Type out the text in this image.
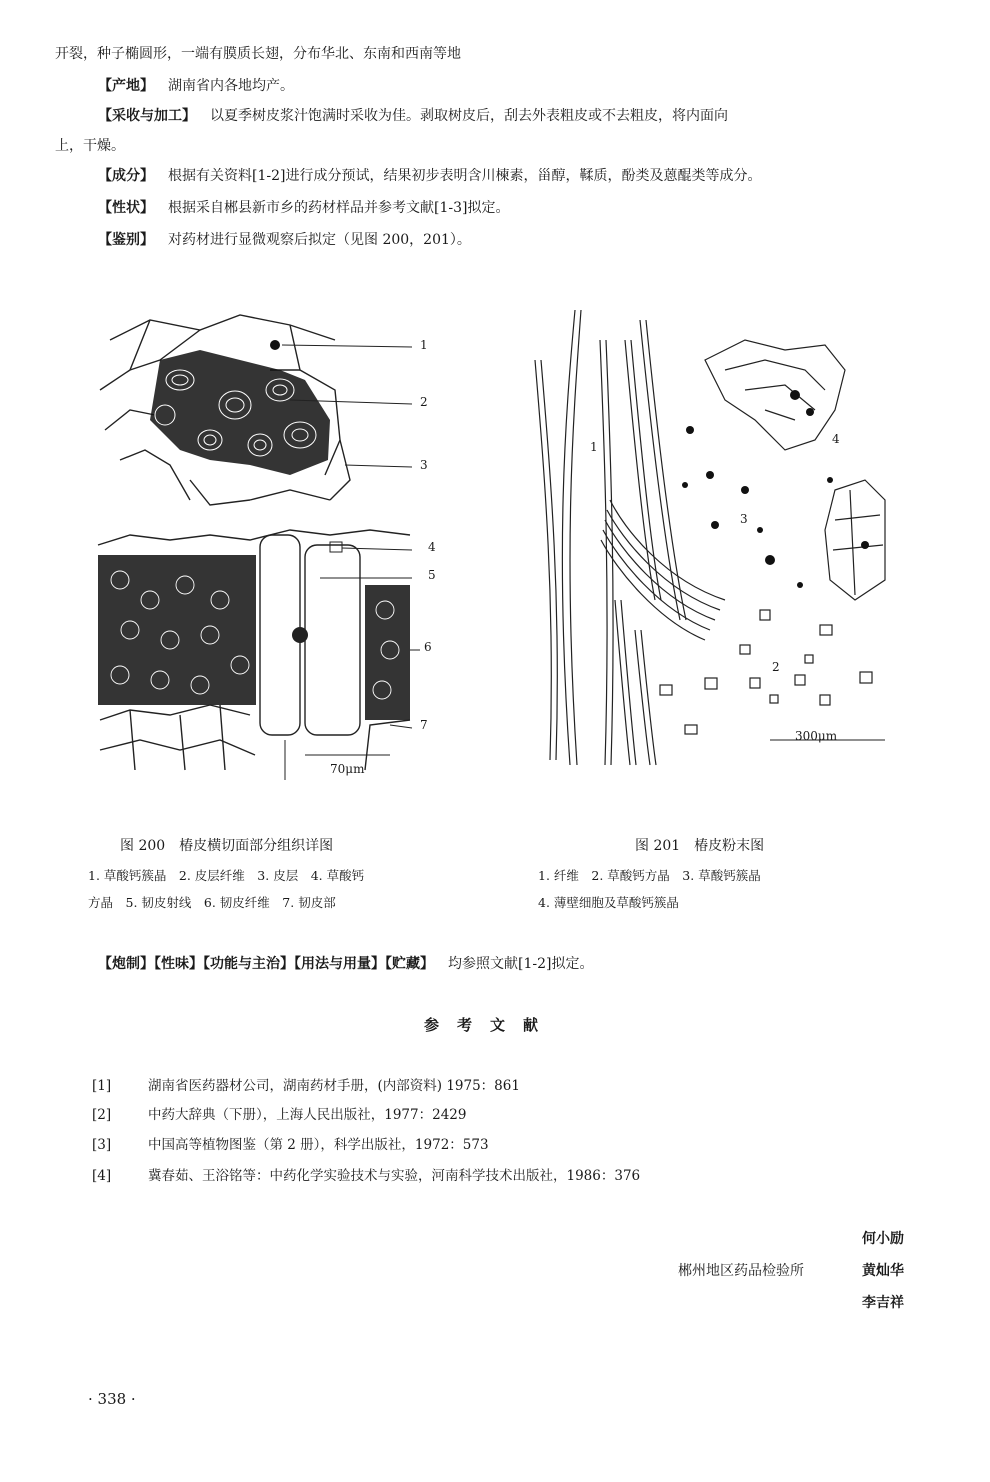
开裂，种子椭圆形，一端有膜质长翅，分布华北、东南和西南等地
【产地】 湖南省内各地均产。
【采收与加工】 以夏季树皮浆汁饱满时采收为佳。剥取树皮后，刮去外表粗皮或不去粗皮，将内面向
上，干燥。
【成分】 根据有关资料[1-2]进行成分预试，结果初步表明含川楝素，甾醇，鞣质，酚类及蒽醌类等成分。
【性状】 根据采自郴县新市乡的药材样品并参考文献[1-3]拟定。
【鉴别】 对药材进行显微观察后拟定（见图 200，201）。
1
2
3
4
5
6
7
70μm
1
2
3
4
300μm
图 200　椿皮横切面部分组织详图
1. 草酸钙簇晶　2. 皮层纤维　3. 皮层　4. 草酸钙
方晶　5. 韧皮射线　6. 韧皮纤维　7. 韧皮部
图 201　椿皮粉末图
1. 纤维　2. 草酸钙方晶　3. 草酸钙簇晶
4. 薄壁细胞及草酸钙簇晶
【炮制】【性味】【功能与主治】【用法与用量】【贮藏】 均参照文献[1-2]拟定。
参考文献
[1]	湖南省医药器材公司，湖南药材手册，(内部资料) 1975：861
[2]	中药大辞典（下册），上海人民出版社，1977：2429
[3]	中国高等植物图鉴（第 2 册），科学出版社，1972：573
[4]	冀春茹、王浴铭等：中药化学实验技术与实验，河南科学技术出版社，1986：376
何小励
郴州地区药品检验所	黄灿华
李吉祥
· 338 ·
